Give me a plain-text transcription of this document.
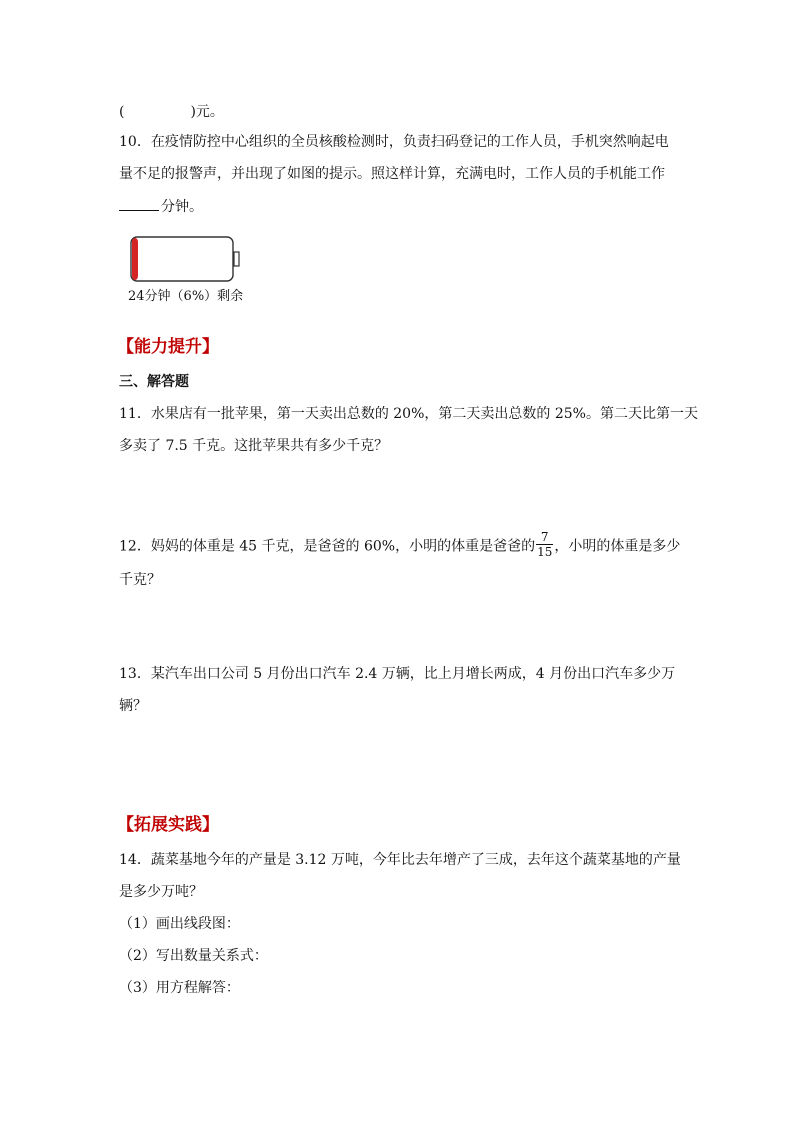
(	)元。
10．在疫情防控中心组织的全员核酸检测时，负责扫码登记的工作人员，手机突然响起电
量不足的报警声，并出现了如图的提示。照这样计算，充满电时，工作人员的手机能工作
分钟。
24分钟（6%）剩余
【能力提升】
三、解答题
11．水果店有一批苹果，第一天卖出总数的 20%，第二天卖出总数的 25%。第二天比第一天
多卖了 7.5 千克。这批苹果共有多少千克？
12．妈妈的体重是 45 千克，是爸爸的 60%，小明的体重是爸爸的 $\frac{7}{15}$ ，小明的体重是多少
千克？
13．某汽车出口公司 5 月份出口汽车 2.4 万辆，比上月增长两成，4 月份出口汽车多少万
辆？
【拓展实践】
14．蔬菜基地今年的产量是 3.12 万吨，今年比去年增产了三成，去年这个蔬菜基地的产量
是多少万吨？
（1）画出线段图：
（2）写出数量关系式：
（3）用方程解答：
